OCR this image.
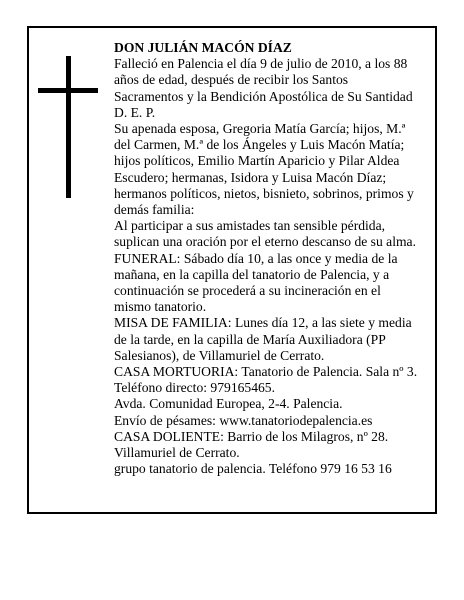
DON JULIÁN MACÓN DÍAZ

Falleció en Palencia el día 9 de julio de 2010, a los 88 años de edad, después de recibir los Santos Sacramentos y la Bendición Apostólica de Su Santidad D. E. P.

Su apenada esposa, Gregoria Matía García; hijos, M.ª del Carmen, M.ª de los Ángeles y Luis Macón Matía; hijos políticos, Emilio Martín Aparicio y Pilar Aldea Escudero; hermanas, Isidora y Luisa Macón Díaz; hermanos políticos, nietos, bisnieto, sobrinos, primos y demás familia:

Al participar a sus amistades tan sensible pérdida, suplican una oración por el eterno descanso de su alma.

FUNERAL: Sábado día 10, a las once y media de la mañana, en la capilla del tanatorio de Palencia, y a continuación se procederá a su incineración en el mismo tanatorio.

MISA DE FAMILIA: Lunes día 12, a las siete y media de la tarde, en la capilla de María Auxiliadora (PP Salesianos), de Villamuriel de Cerrato.

CASA MORTUORIA: Tanatorio de Palencia. Sala nº 3. Teléfono directo: 979165465.

Avda. Comunidad Europea, 2-4. Palencia.

Envío de pésames: www.tanatoriodepalencia.es

CASA DOLIENTE: Barrio de los Milagros, nº 28. Villamuriel de Cerrato.

grupo tanatorio de palencia. Teléfono 979 16 53 16
